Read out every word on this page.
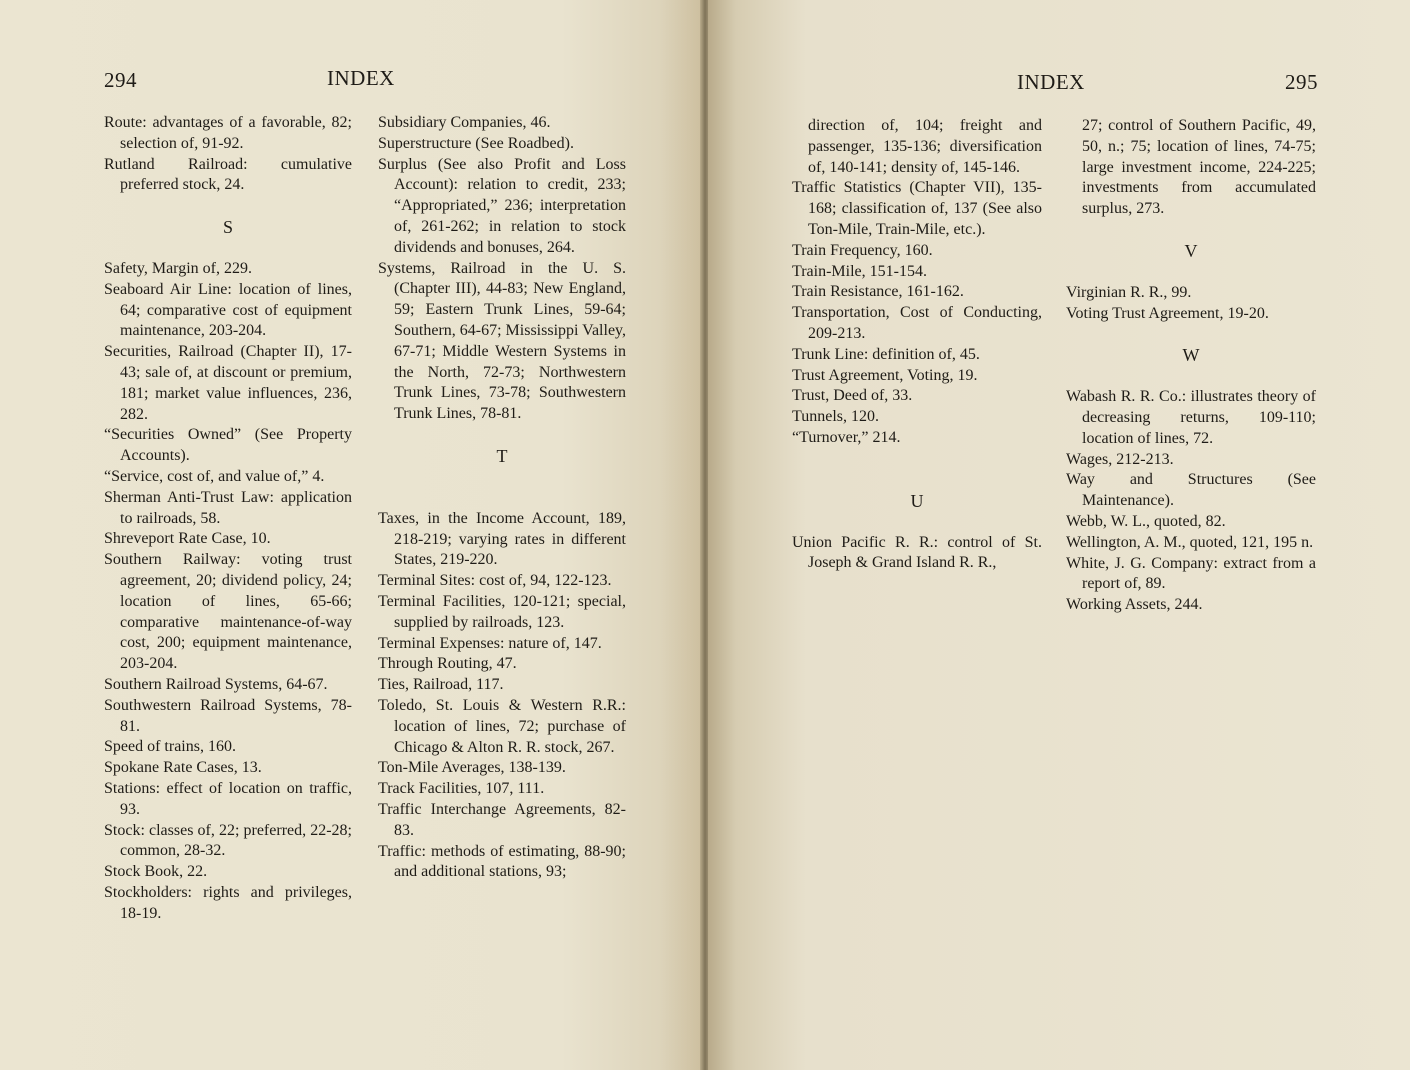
294	INDEX

Route: advantages of a favorable, 82; selection of, 91-92.

Rutland Railroad: cumulative preferred stock, 24.

S

Safety, Margin of, 229.

Seaboard Air Line: location of lines, 64; comparative cost of equipment maintenance, 203-204.

Securities, Railroad (Chapter II), 17-43; sale of, at discount or premium, 181; market value influences, 236, 282.

“Securities Owned” (See Property Accounts).

“Service, cost of, and value of,” 4.

Sherman Anti-Trust Law: application to railroads, 58.

Shreveport Rate Case, 10.

Southern Railway: voting trust agreement, 20; dividend policy, 24; location of lines, 65-66; comparative maintenance-of-way cost, 200; equipment maintenance, 203-204.

Southern Railroad Systems, 64-67.

Southwestern Railroad Systems, 78-81.

Speed of trains, 160.

Spokane Rate Cases, 13.

Stations: effect of location on traffic, 93.

Stock: classes of, 22; preferred, 22-28; common, 28-32.

Stock Book, 22.

Stockholders: rights and privileges, 18-19.

Subsidiary Companies, 46.

Superstructure (See Roadbed).

Surplus (See also Profit and Loss Account): relation to credit, 233; “Appropriated,” 236; interpretation of, 261-262; in relation to stock dividends and bonuses, 264.

Systems, Railroad in the U. S. (Chapter III), 44-83; New England, 59; Eastern Trunk Lines, 59-64; Southern, 64-67; Mississippi Valley, 67-71; Middle Western Systems in the North, 72-73; Northwestern Trunk Lines, 73-78; Southwestern Trunk Lines, 78-81.

T

Taxes, in the Income Account, 189, 218-219; varying rates in different States, 219-220.

Terminal Sites: cost of, 94, 122-123.

Terminal Facilities, 120-121; special, supplied by railroads, 123.

Terminal Expenses: nature of, 147.

Through Routing, 47.

Ties, Railroad, 117.

Toledo, St. Louis & Western R.R.: location of lines, 72; purchase of Chicago & Alton R. R. stock, 267.

Ton-Mile Averages, 138-139.

Track Facilities, 107, 111.

Traffic Interchange Agreements, 82-83.

Traffic: methods of estimating, 88-90; and additional stations, 93;

INDEX	295

direction of, 104; freight and passenger, 135-136; diversification of, 140-141; density of, 145-146.

Traffic Statistics (Chapter VII), 135-168; classification of, 137 (See also Ton-Mile, Train-Mile, etc.).

Train Frequency, 160.

Train-Mile, 151-154.

Train Resistance, 161-162.

Transportation, Cost of Conducting, 209-213.

Trunk Line: definition of, 45.

Trust Agreement, Voting, 19.

Trust, Deed of, 33.

Tunnels, 120.

“Turnover,” 214.

U

Union Pacific R. R.: control of St. Joseph & Grand Island R. R.,

27; control of Southern Pacific, 49, 50, n.; 75; location of lines, 74-75; large investment income, 224-225; investments from accumulated surplus, 273.

V

Virginian R. R., 99.

Voting Trust Agreement, 19-20.

W

Wabash R. R. Co.: illustrates theory of decreasing returns, 109-110; location of lines, 72.

Wages, 212-213.

Way and Structures (See Maintenance).

Webb, W. L., quoted, 82.

Wellington, A. M., quoted, 121, 195 n.

White, J. G. Company: extract from a report of, 89.

Working Assets, 244.
